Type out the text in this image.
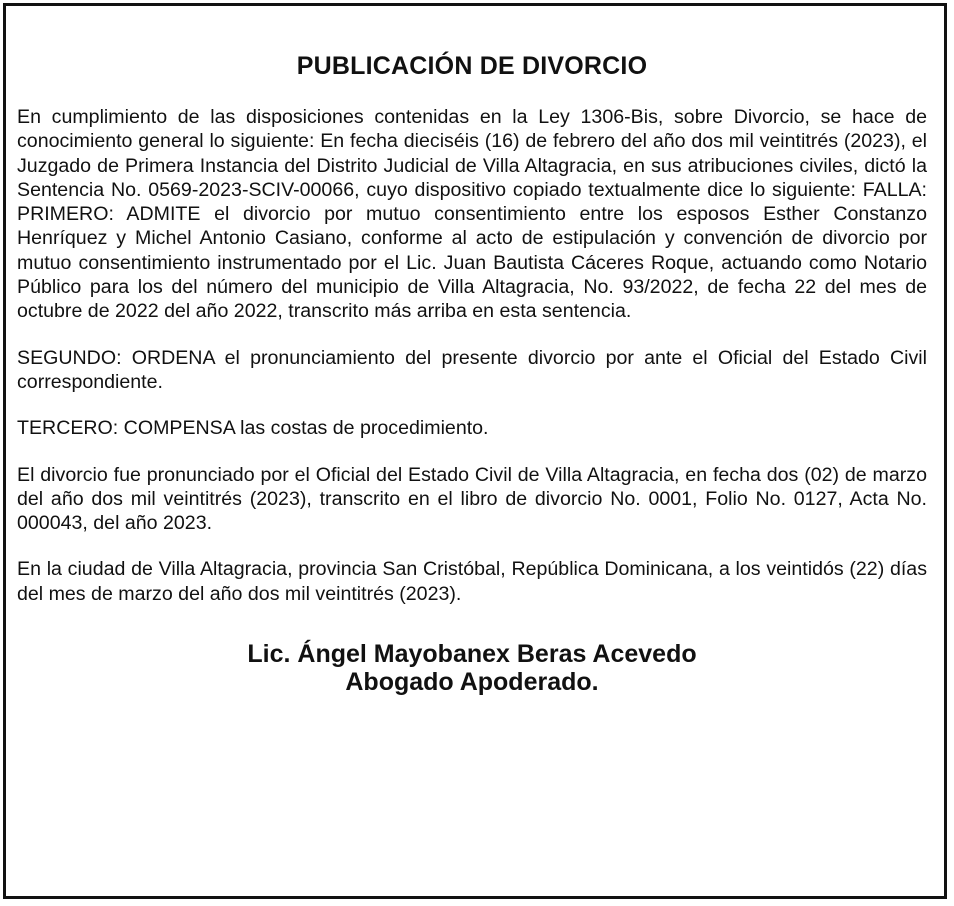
PUBLICACIÓN DE DIVORCIO

En cumplimiento de las disposiciones contenidas en la Ley 1306-Bis, sobre Divorcio, se hace de conocimiento general lo siguiente: En fecha dieciséis (16) de febrero del año dos mil veintitrés (2023), el Juzgado de Primera Instancia del Distrito Judicial de Villa Altagracia, en sus atribuciones civiles, dictó la Sentencia No. 0569-2023-SCIV-00066, cuyo dispositivo copiado textualmente dice lo siguiente: FALLA: PRIMERO: ADMITE el divorcio por mutuo consentimiento entre los esposos Esther Constanzo Henríquez y Michel Antonio Casiano, conforme al acto de estipulación y convención de divorcio por mutuo consentimiento instrumentado por el Lic. Juan Bautista Cáceres Roque, actuando como Notario Público para los del número del municipio de Villa Altagracia, No. 93/2022, de fecha 22 del mes de octubre de 2022 del año 2022, transcrito más arriba en esta sentencia.

SEGUNDO: ORDENA el pronunciamiento del presente divorcio por ante el Oficial del Estado Civil correspondiente.

TERCERO: COMPENSA las costas de procedimiento.

El divorcio fue pronunciado por el Oficial del Estado Civil de Villa Altagracia, en fecha dos (02) de marzo del año dos mil veintitrés (2023), transcrito en el libro de divorcio No. 0001, Folio No. 0127, Acta No. 000043, del año 2023.

En la ciudad de Villa Altagracia, provincia San Cristóbal, República Dominicana, a los veintidós (22) días del mes de marzo del año dos mil veintitrés (2023).

Lic. Ángel Mayobanex Beras Acevedo
Abogado Apoderado.
